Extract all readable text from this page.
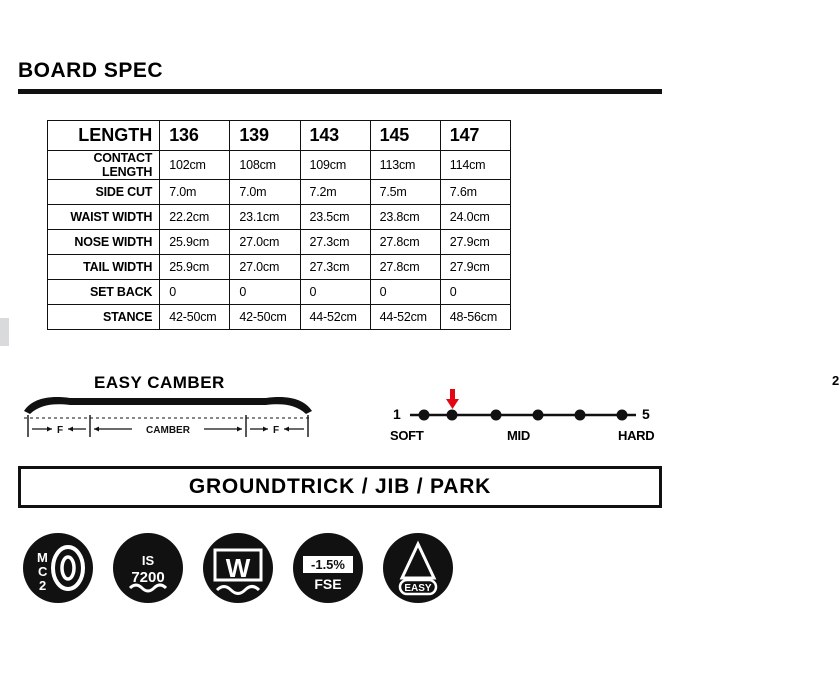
BOARD SPEC
LENGTH	136	139	143	145	147
CONTACT LENGTH	102cm	108cm	109cm	113cm	114cm
SIDE CUT	7.0m	7.0m	7.2m	7.5m	7.6m
WAIST WIDTH	22.2cm	23.1cm	23.5cm	23.8cm	24.0cm
NOSE WIDTH	25.9cm	27.0cm	27.3cm	27.8cm	27.9cm
TAIL WIDTH	25.9cm	27.0cm	27.3cm	27.8cm	27.9cm
SET BACK	0	0	0	0	0
STANCE	42-50cm	42-50cm	44-52cm	44-52cm	48-56cm
EASY CAMBER
F	CAMBER	F
2
1	5
SOFT	MID	HARD
GROUNDTRICK / JIB / PARK
M
C
2
IS
7200 W	-1.5%
FSE	EASY
